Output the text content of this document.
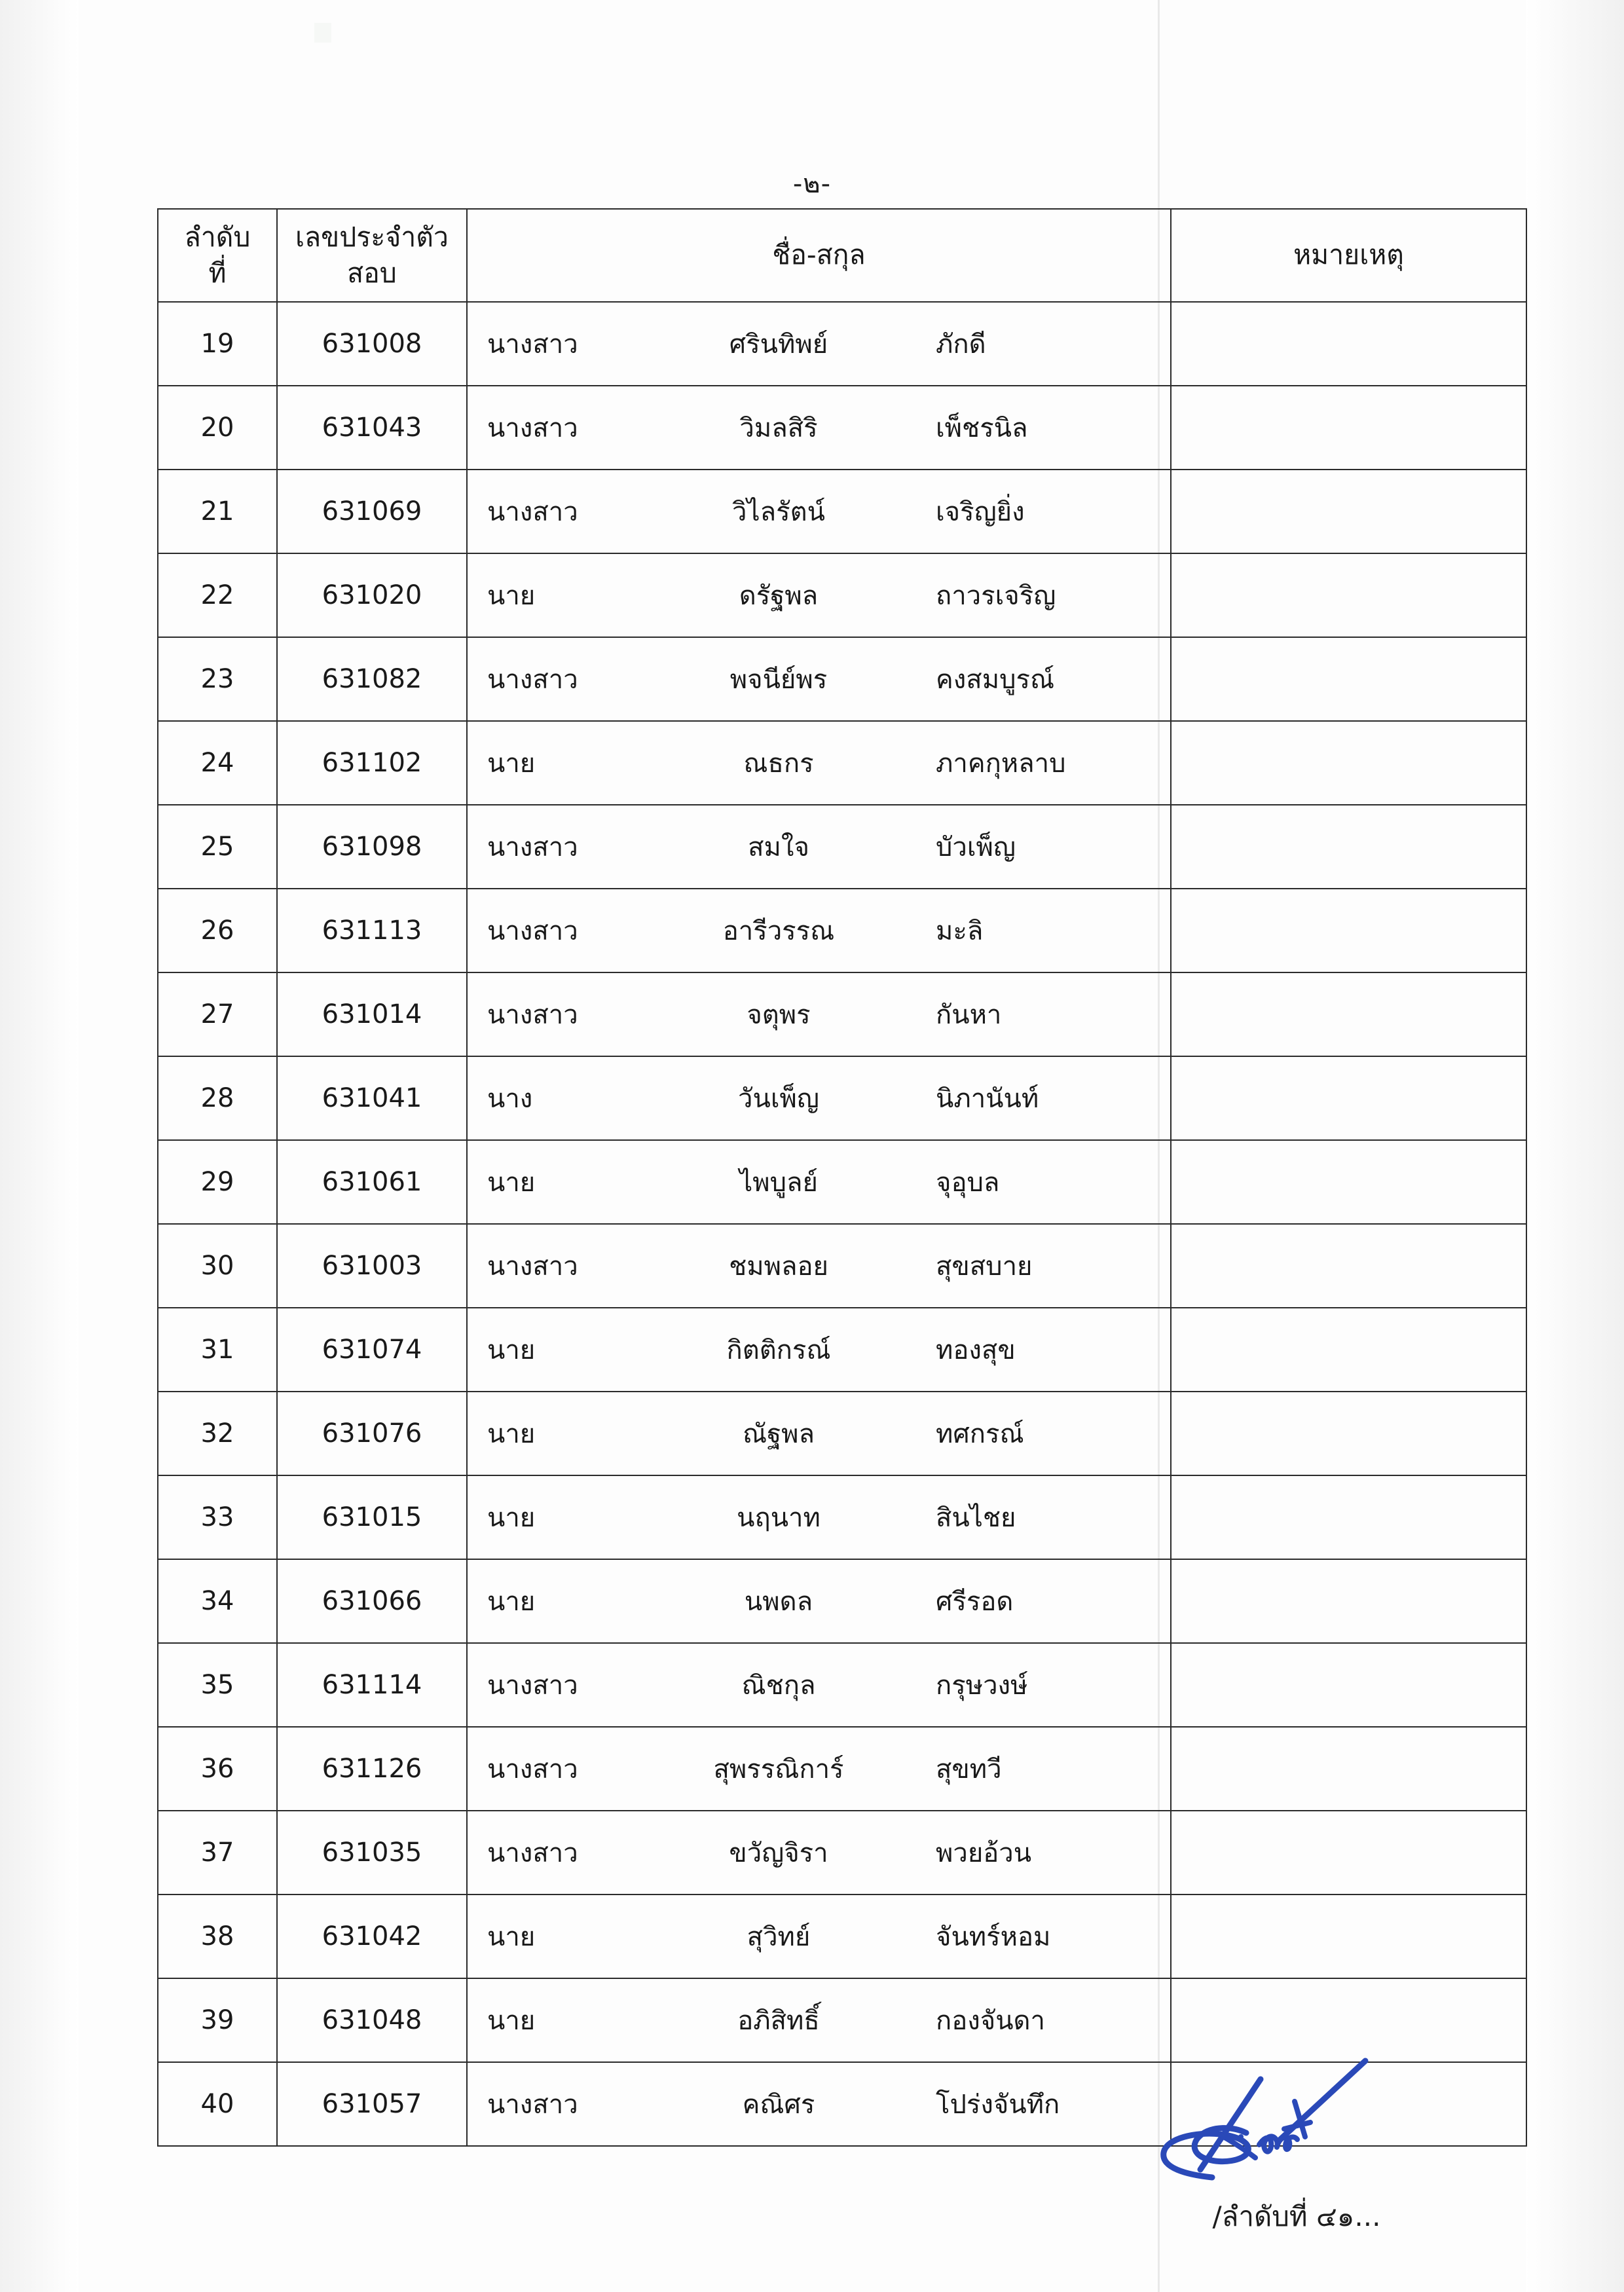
-๒-
ลำดับ
ที่	เลขประจำตัว
สอบ	ชื่อ-สกุล	หมายเหตุ
19	631008	นางสาว ศรินทิพย์ ภักดี	

20	631043	นางสาว วิมลสิริ เพ็ชรนิล	

21	631069	นางสาว วิไลรัตน์ เจริญยิ่ง	

22	631020	นาย ดรัฐพล ถาวรเจริญ	

23	631082	นางสาว พจนีย์พร คงสมบูรณ์	

24	631102	นาย ณธกร ภาคกุหลาบ	

25	631098	นางสาว สมใจ บัวเพ็ญ	

26	631113	นางสาว อารีวรรณ มะลิ	

27	631014	นางสาว จตุพร กันหา	

28	631041	นาง วันเพ็ญ นิภานันท์	

29	631061	นาย ไพบูลย์ จุอุบล	

30	631003	นางสาว ชมพลอย สุขสบาย	

31	631074	นาย กิตติกรณ์ ทองสุข	

32	631076	นาย ณัฐพล ทศกรณ์	

33	631015	นาย นฤนาท สินไชย	

34	631066	นาย นพดล ศรีรอด	

35	631114	นางสาว ณิชกุล กรุษวงษ์	

36	631126	นางสาว สุพรรณิการ์ สุขทวี	

37	631035	นางสาว ขวัญจิรา พวยอ้วน	

38	631042	นาย สุวิทย์ จันทร์หอม	

39	631048	นาย อภิสิทธิ์ กองจันดา	

40	631057	นางสาว คณิศร โปร่งจันทึก	

/ลำดับที่ ๔๑...
